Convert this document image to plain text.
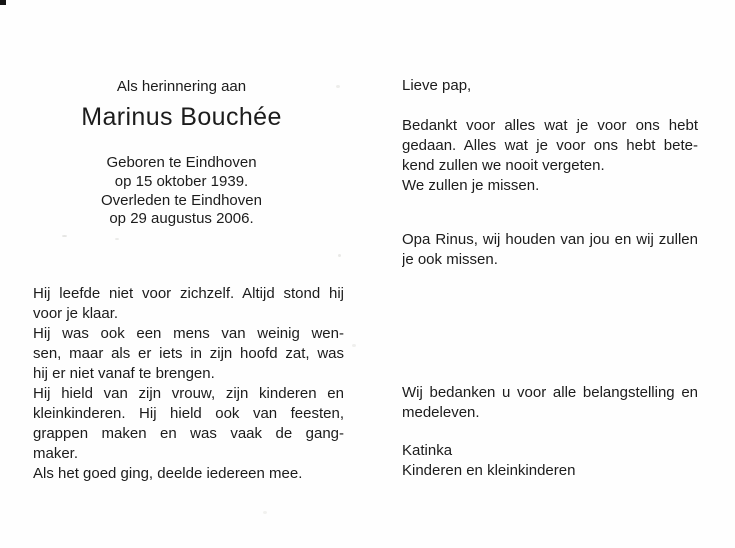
Als herinnering aan
Marinus Bouchée
Geboren te Eindhoven
op 15 oktober 1939.
Overleden te Eindhoven
op 29 augustus 2006.
Hij leefde niet voor zichzelf. Altijd stond hij
voor je klaar.
Hij was ook een mens van weinig wen-
sen, maar als er iets in zijn hoofd zat, was
hij er niet vanaf te brengen.
Hij hield van zijn vrouw, zijn kinderen en
kleinkinderen. Hij hield ook van feesten,
grappen maken en was vaak de gang-
maker.
Als het goed ging, deelde iedereen mee.
Lieve pap,
Bedankt voor alles wat je voor ons hebt
gedaan. Alles wat je voor ons hebt bete-
kend zullen we nooit vergeten.
We zullen je missen.
Opa Rinus, wij houden van jou en wij zullen
je ook missen.
Wij bedanken u voor alle belangstelling en
medeleven.
Katinka
Kinderen en kleinkinderen
